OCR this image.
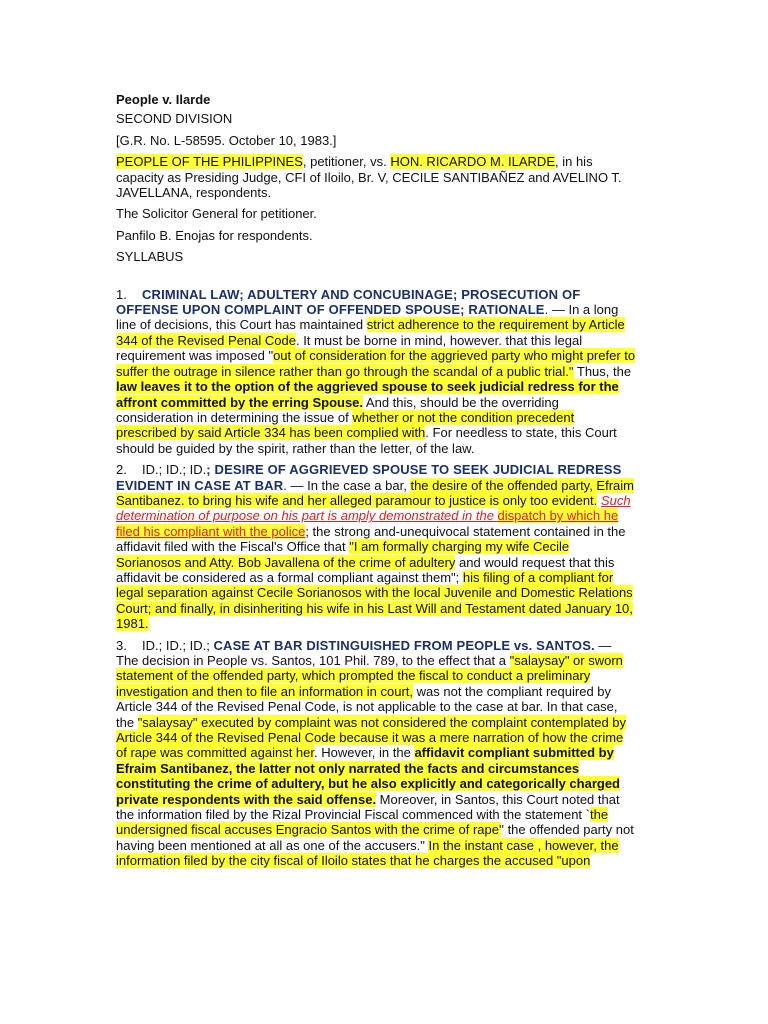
People v. Ilarde
SECOND DIVISION
[G.R. No. L-58595. October 10, 1983.]
PEOPLE OF THE PHILIPPINES, petitioner, vs. HON. RICARDO M. ILARDE, in his capacity as Presiding Judge, CFI of Iloilo, Br. V, CECILE SANTIBAÑEZ and AVELINO T. JAVELLANA, respondents.
The Solicitor General for petitioner.
Panfilo B. Enojas for respondents.
SYLLABUS
1. CRIMINAL LAW; ADULTERY AND CONCUBINAGE; PROSECUTION OF OFFENSE UPON COMPLAINT OF OFFENDED SPOUSE; RATIONALE. — In a long line of decisions, this Court has maintained strict adherence to the requirement by Article 344 of the Revised Penal Code. It must be borne in mind, however. that this legal requirement was imposed "out of consideration for the aggrieved party who might prefer to suffer the outrage in silence rather than go through the scandal of a public trial." Thus, the law leaves it to the option of the aggrieved spouse to seek judicial redress for the affront committed by the erring Spouse. And this, should be the overriding consideration in determining the issue of whether or not the condition precedent prescribed by said Article 334 has been complied with. For needless to state, this Court should be guided by the spirit, rather than the letter, of the law.
2. ID.; ID.; ID.; DESIRE OF AGGRIEVED SPOUSE TO SEEK JUDICIAL REDRESS EVIDENT IN CASE AT BAR. — In the case a bar, the desire of the offended party, Efraim Santibanez. to bring his wife and her alleged paramour to justice is only too evident. Such determination of purpose on his part is amply demonstrated in the dispatch by which he filed his compliant with the police; the strong and-unequivocal statement contained in the affidavit filed with the Fiscal's Office that "I am formally charging my wife Cecile Sorianosos and Atty. Bob Javallena of the crime of adultery and would request that this affidavit be considered as a formal compliant against them"; his filing of a compliant for legal separation against Cecile Sorianosos with the local Juvenile and Domestic Relations Court; and finally, in disinheriting his wife in his Last Will and Testament dated January 10, 1981.
3. ID.; ID.; ID.; CASE AT BAR DISTINGUISHED FROM PEOPLE vs. SANTOS. — The decision in People vs. Santos, 101 Phil. 789, to the effect that a "salaysay" or sworn statement of the offended party, which prompted the fiscal to conduct a preliminary investigation and then to file an information in court, was not the compliant required by Article 344 of the Revised Penal Code, is not applicable to the case at bar. In that case, the "salaysay" executed by complaint was not considered the complaint contemplated by Article 344 of the Revised Penal Code because it was a mere narration of how the crime of rape was committed against her. However, in the affidavit compliant submitted by Efraim Santibanez, the latter not only narrated the facts and circumstances constituting the crime of adultery, but he also explicitly and categorically charged private respondents with the said offense. Moreover, in Santos, this Court noted that the information filed by the Rizal Provincial Fiscal commenced with the statement `the undersigned fiscal accuses Engracio Santos with the crime of rape'' the offended party not having been mentioned at all as one of the accusers." In the instant case , however, the information filed by the city fiscal of Iloilo states that he charges the accused "upon
